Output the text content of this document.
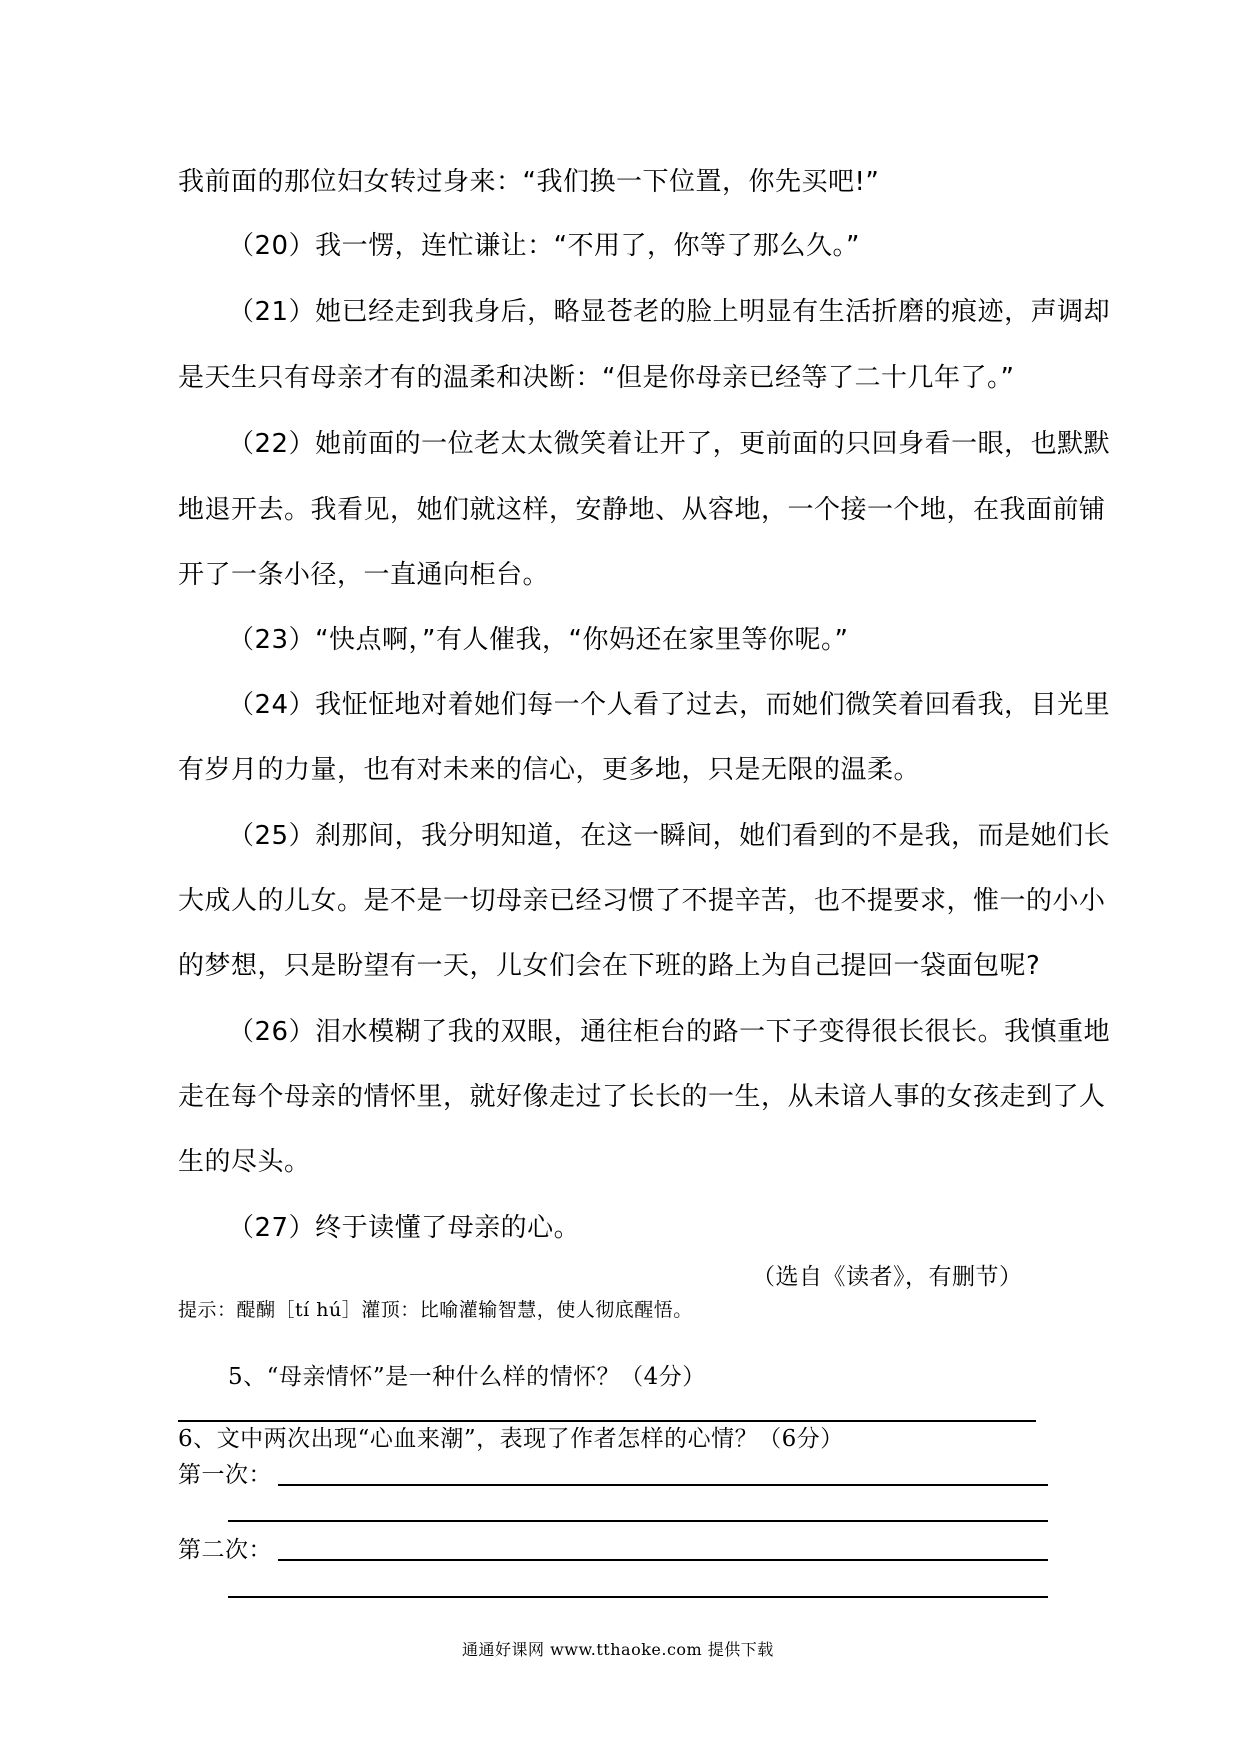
我前面的那位妇女转过身来：“我们换一下位置，你先买吧!”
（20）我一愣，连忙谦让：“不用了，你等了那么久。”
（21）她已经走到我身后，略显苍老的脸上明显有生活折磨的痕迹，声调却
是天生只有母亲才有的温柔和决断：“但是你母亲已经等了二十几年了。”
（22）她前面的一位老太太微笑着让开了，更前面的只回身看一眼，也默默
地退开去。我看见，她们就这样，安静地、从容地，一个接一个地，在我面前铺
开了一条小径，一直通向柜台。
（23）“快点啊，”有人催我，“你妈还在家里等你呢。”
（24）我怔怔地对着她们每一个人看了过去，而她们微笑着回看我，目光里
有岁月的力量，也有对未来的信心，更多地，只是无限的温柔。
（25）刹那间，我分明知道，在这一瞬间，她们看到的不是我，而是她们长
大成人的儿女。是不是一切母亲已经习惯了不提辛苦，也不提要求，惟一的小小
的梦想，只是盼望有一天，儿女们会在下班的路上为自己提回一袋面包呢?
（26）泪水模糊了我的双眼，通往柜台的路一下子变得很长很长。我慎重地
走在每个母亲的情怀里，就好像走过了长长的一生，从未谙人事的女孩走到了人
生的尽头。
（27）终于读懂了母亲的心。
（选自《读者》，有删节）
提示：醍醐［tí hú］灌顶：比喻灌输智慧，使人彻底醒悟。
5、“母亲情怀”是一种什么样的情怀？（4分）
6、文中两次出现“心血来潮”，表现了作者怎样的心情？（6分）
第一次：
第二次：
通通好课网 www.tthaoke.com 提供下载
